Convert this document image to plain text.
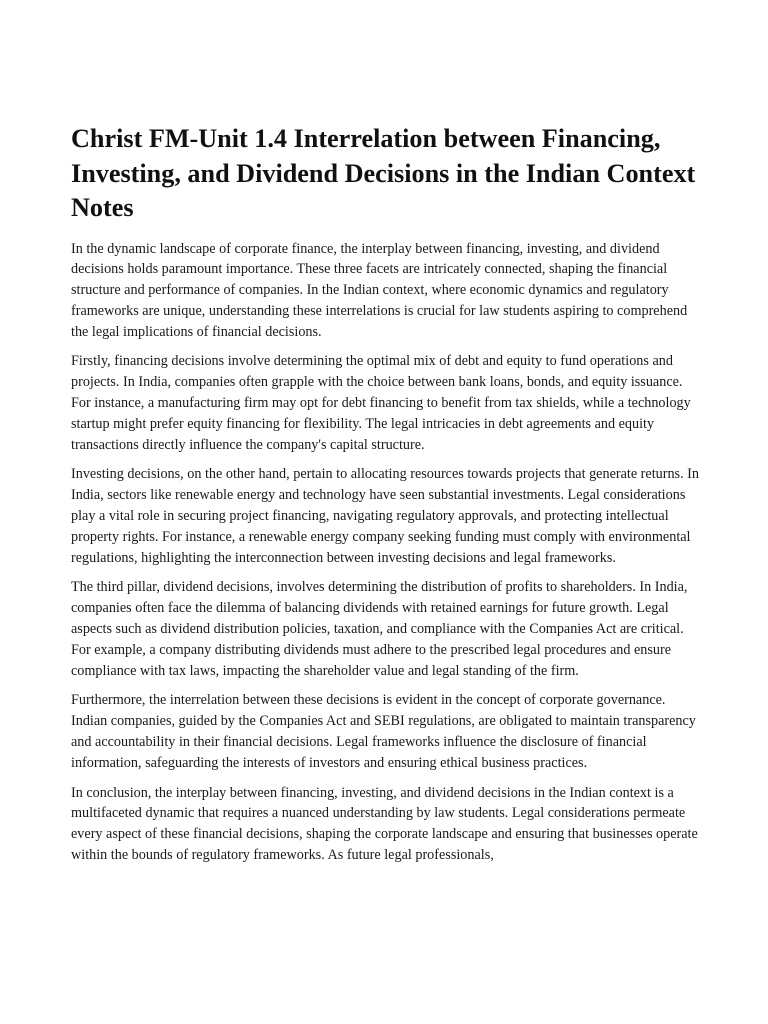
Christ FM-Unit 1.4 Interrelation between Financing, Investing, and Dividend Decisions in the Indian Context Notes

In the dynamic landscape of corporate finance, the interplay between financing, investing, and dividend decisions holds paramount importance. These three facets are intricately connected, shaping the financial structure and performance of companies. In the Indian context, where economic dynamics and regulatory frameworks are unique, understanding these interrelations is crucial for law students aspiring to comprehend the legal implications of financial decisions.

Firstly, financing decisions involve determining the optimal mix of debt and equity to fund operations and projects. In India, companies often grapple with the choice between bank loans, bonds, and equity issuance. For instance, a manufacturing firm may opt for debt financing to benefit from tax shields, while a technology startup might prefer equity financing for flexibility. The legal intricacies in debt agreements and equity transactions directly influence the company's capital structure.

Investing decisions, on the other hand, pertain to allocating resources towards projects that generate returns. In India, sectors like renewable energy and technology have seen substantial investments. Legal considerations play a vital role in securing project financing, navigating regulatory approvals, and protecting intellectual property rights. For instance, a renewable energy company seeking funding must comply with environmental regulations, highlighting the interconnection between investing decisions and legal frameworks.

The third pillar, dividend decisions, involves determining the distribution of profits to shareholders. In India, companies often face the dilemma of balancing dividends with retained earnings for future growth. Legal aspects such as dividend distribution policies, taxation, and compliance with the Companies Act are critical. For example, a company distributing dividends must adhere to the prescribed legal procedures and ensure compliance with tax laws, impacting the shareholder value and legal standing of the firm.

Furthermore, the interrelation between these decisions is evident in the concept of corporate governance. Indian companies, guided by the Companies Act and SEBI regulations, are obligated to maintain transparency and accountability in their financial decisions. Legal frameworks influence the disclosure of financial information, safeguarding the interests of investors and ensuring ethical business practices.

In conclusion, the interplay between financing, investing, and dividend decisions in the Indian context is a multifaceted dynamic that requires a nuanced understanding by law students. Legal considerations permeate every aspect of these financial decisions, shaping the corporate landscape and ensuring that businesses operate within the bounds of regulatory frameworks. As future legal professionals,
